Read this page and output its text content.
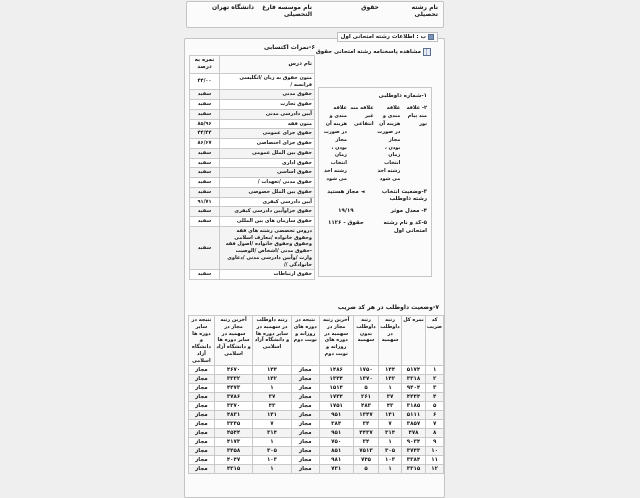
نام رشته تحصیلی
حقوق
نام موسسه فارغ التحصیلی
دانشگاه تهران
ب : اطلاعات رشته امتحانی اول
مشاهده پاسخنامه رشته امتحانی حقوق
۶-نمرات اکتسابی
نام درس	نمره به درصد
متون حقوق به زبان /انگلیسی فرانسه /	۴۴/۰۰
حقوق مدنی	سفید
حقوق تجارت	سفید
آیین دادرسی مدنی	سفید
متون فقه	۸۵/۹۶
حقوق جزای عمومی	۴۴/۴۴
حقوق جزای اختصاصی	۸۶/۶۷
حقوق بین الملل عمومی	سفید
حقوق اداری	سفید
حقوق اساسی	سفید
حقوق مدنی /تعهدات /	سفید
حقوق بین الملل خصوصی	سفید
آیین دادرسی کیفری	۹۱/۷۱
حقوق جزاوآیین دادرسی کیفری	سفید
حقوق سازمان های بین المللی	سفید
دروس تخصصی رشته های فقه وحقوق خانواده /معارف اسلامی وحقوق وحقوق خانواده /اصول فقه -حقوق مدنی /اشخاص /الوصیت وارث /وآیین دادرسی مدنی /دعاوی خانوادگی //	سفید
حقوق ارتباطات	سفید
۱-شماره داوطلبی
۲- علاقه مند پیام نور
علاقه مندی و هزینه آن در صورت مجاز بودن ، زمان انتخاب رشته اخذ می شود
علاقه مند غیر انتفاعی
علاقه مندی و هزینه آن در صورت مجاز بودن ، زمان انتخاب رشته اخذ می شود
۳-وضعیت انتخاب رشته داوطلب
◄ مجاز هستید
۴- معدل موثر
۱۹/۱۹
۵-کد و نام رشته امتحانی اول
حقوق - ۱۱۲۶
۷-وضعیت داوطلب در هر کد ضریب
کد ضریب	نمره کل	رتبه داوطلب در سهمیه	رتبه داوطلب بدون سهمیه	آخرین رتبه مجاز در سهمیه در دوره های روزانه و نوبت دوم	نتیجه در دوره های روزانه و نوبت دوم	رتبه داوطلب در سهمیه در سایر دوره ها و دانشگاه آزاد اسلامی	آخرین رتبه مجاز در سهمیه در سایر دوره ها و دانشگاه آزاد اسلامی	نتیجه در سایر دوره ها و دانشگاه آزاد اسلامی
۱	۵۱۷۴	۱۴۴	۱۷۵۰	۱۴۸۶	مجاز	۱۴۴	۴۶۷۰	مجاز
۲	۳۳۱۸	۱۴۲	۱۳۷۰	۱۳۴۴	مجاز	۱۴۲	۳۳۳۲	مجاز
۳	۹۴۰۴	۱	۵	۱۵۱۴	مجاز	۱	۴۴۷۳	مجاز
۴	۴۴۴۴	۳۷	۲۶۱	۱۷۴۴	مجاز	۳۷	۳۷۸۶	مجاز
۵	۳۱۸۵	۴۳	۴۸۳	۱۷۵۱	مجاز	۴۳	۳۳۷۰	مجاز
۶	۵۱۱۱	۱۴۱	۱۳۴۷	۹۵۱	مجاز	۱۴۱	۴۸۳۱	مجاز
۷	۳۸۵۷	۷	۳۴	۳۸۴	مجاز	۷	۳۳۴۵	مجاز
۸	۴۷۸	۳۱۴	۴۴۳۷	۹۵۱	مجاز	۳۱۴	۴۵۴۴	مجاز
۹	۹۰۳۴	۱	۳۴	۷۵۰	مجاز	۱	۴۱۷۳	مجاز
۱۰	۳۷۴۳	۳۰۵	۷۵۱۳	۸۵۱	مجاز	۳۰۵	۳۴۵۸	مجاز
۱۱	۳۳۸۴	۱۰۳	۷۴۵	۹۸۱	مجاز	۱۰۳	۴۰۴۷	مجاز
۱۲	۳۳۱۵	۱	۵	۷۳۱	مجاز	۱	۴۳۱۵	مجاز
